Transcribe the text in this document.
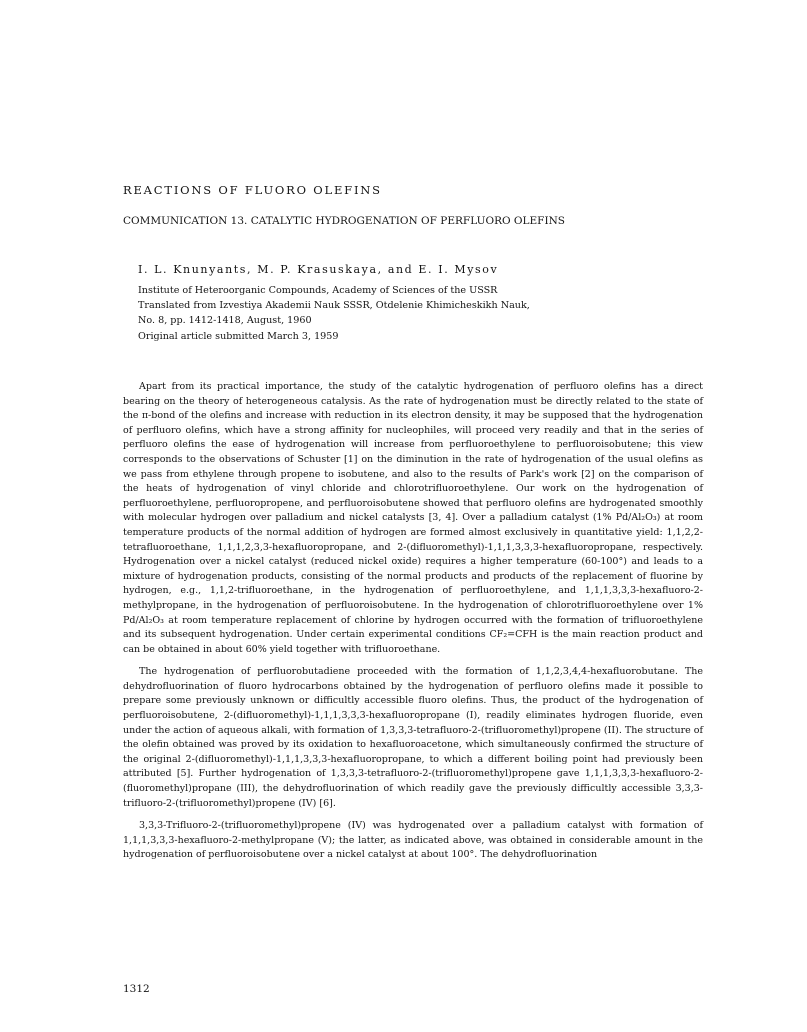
REACTIONS OF FLUORO OLEFINS
COMMUNICATION 13. CATALYTIC HYDROGENATION OF PERFLUORO OLEFINS
I. L. Knunyants, M. P. Krasuskaya, and E. I. Mysov
Institute of Heteroorganic Compounds, Academy of Sciences of the USSR
Translated from Izvestiya Akademii Nauk SSSR, Otdelenie Khimicheskikh Nauk,
No. 8, pp. 1412-1418, August, 1960
Original article submitted March 3, 1959

Apart from its practical importance, the study of the catalytic hydrogenation of perfluoro olefins has a direct bearing on the theory of heterogeneous catalysis. As the rate of hydrogenation must be directly related to the state of the π-bond of the olefins and increase with reduction in its electron density, it may be supposed that the hydrogenation of perfluoro olefins, which have a strong affinity for nucleophiles, will proceed very readily and that in the series of perfluoro olefins the ease of hydrogenation will increase from perfluoroethylene to perfluoroisobutene; this view corresponds to the observations of Schuster [1] on the diminution in the rate of hydrogenation of the usual olefins as we pass from ethylene through propene to isobutene, and also to the results of Park's work [2] on the comparison of the heats of hydrogenation of vinyl chloride and chlorotrifluoroethylene. Our work on the hydrogenation of perfluoroethylene, perfluoropropene, and perfluoroisobutene showed that perfluoro olefins are hydrogenated smoothly with molecular hydrogen over palladium and nickel catalysts [3, 4]. Over a palladium catalyst (1% Pd/Al₂O₃) at room temperature products of the normal addition of hydrogen are formed almost exclusively in quantitative yield: 1,1,2,2-tetrafluoroethane, 1,1,1,2,3,3-hexafluoropropane, and 2-(difluoromethyl)-1,1,1,3,3,3-hexafluoropropane, respectively. Hydrogenation over a nickel catalyst (reduced nickel oxide) requires a higher temperature (60-100°) and leads to a mixture of hydrogenation products, consisting of the normal products and products of the replacement of fluorine by hydrogen, e.g., 1,1,2-trifluoroethane, in the hydrogenation of perfluoroethylene, and 1,1,1,3,3,3-hexafluoro-2-methylpropane, in the hydrogenation of perfluoroisobutene. In the hydrogenation of chlorotrifluoroethylene over 1% Pd/Al₂O₃ at room temperature replacement of chlorine by hydrogen occurred with the formation of trifluoroethylene and its subsequent hydrogenation. Under certain experimental conditions CF₂=CFH is the main reaction product and can be obtained in about 60% yield together with trifluoroethane.

The hydrogenation of perfluorobutadiene proceeded with the formation of 1,1,2,3,4,4-hexafluorobutane. The dehydrofluorination of fluoro hydrocarbons obtained by the hydrogenation of perfluoro olefins made it possible to prepare some previously unknown or difficultly accessible fluoro olefins. Thus, the product of the hydrogenation of perfluoroisobutene, 2-(difluoromethyl)-1,1,1,3,3,3-hexafluoropropane (I), readily eliminates hydrogen fluoride, even under the action of aqueous alkali, with formation of 1,3,3,3-tetrafluoro-2-(trifluoromethyl)propene (II). The structure of the olefin obtained was proved by its oxidation to hexafluoroacetone, which simultaneously confirmed the structure of the original 2-(difluoromethyl)-1,1,1,3,3,3-hexafluoropropane, to which a different boiling point had previously been attributed [5]. Further hydrogenation of 1,3,3,3-tetrafluoro-2-(trifluoromethyl)propene gave 1,1,1,3,3,3-hexafluoro-2-(fluoromethyl)propane (III), the dehydrofluorination of which readily gave the previously difficultly accessible 3,3,3-trifluoro-2-(trifluoromethyl)propene (IV) [6].

3,3,3-Trifluoro-2-(trifluoromethyl)propene (IV) was hydrogenated over a palladium catalyst with formation of 1,1,1,3,3,3-hexafluoro-2-methylpropane (V); the latter, as indicated above, was obtained in considerable amount in the hydrogenation of perfluoroisobutene over a nickel catalyst at about 100°. The dehydrofluorination

1312
